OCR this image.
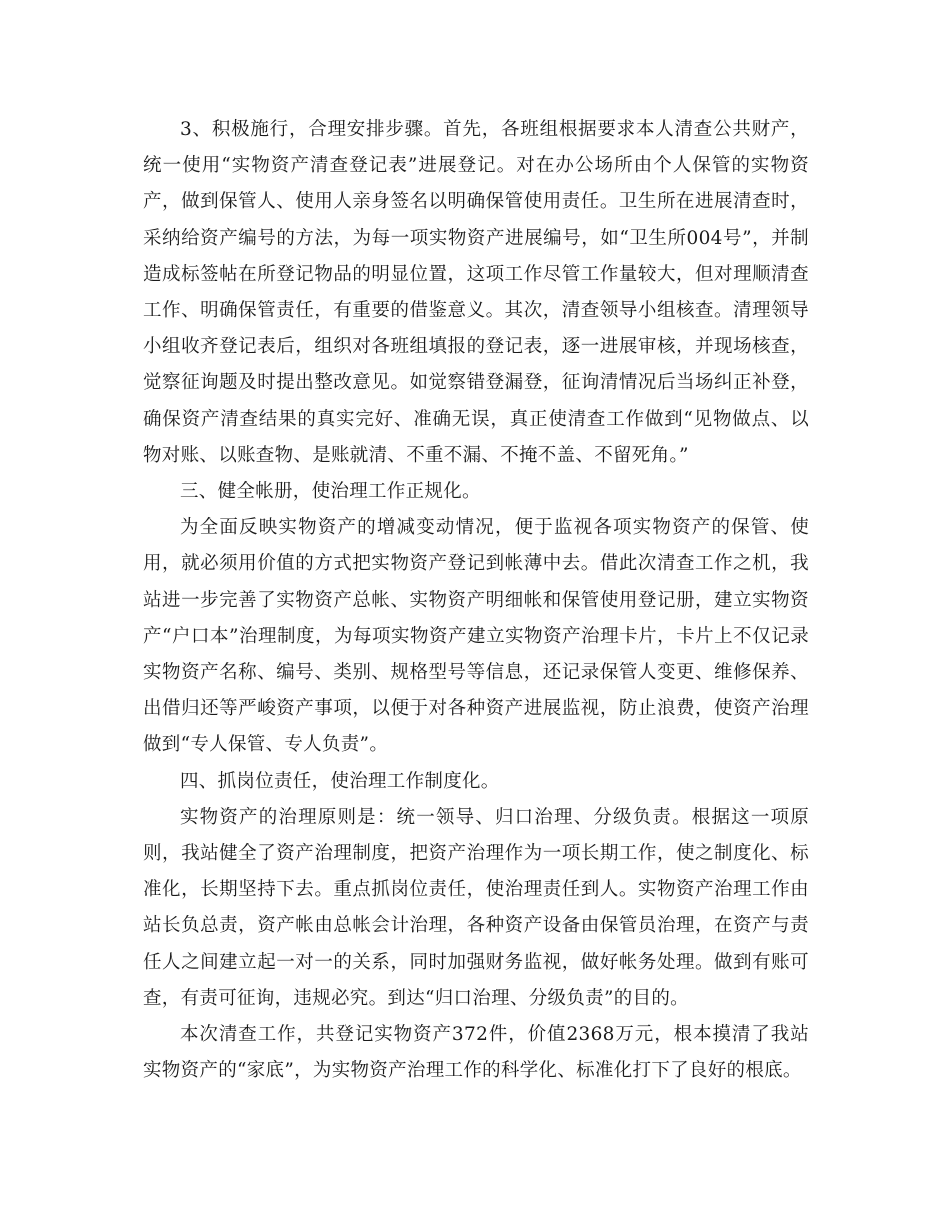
3、积极施行，合理安排步骤。首先，各班组根据要求本人清查公共财产，统一使用“实物资产清查登记表”进展登记。对在办公场所由个人保管的实物资产，做到保管人、使用人亲身签名以明确保管使用责任。卫生所在进展清查时，采纳给资产编号的方法，为每一项实物资产进展编号，如“卫生所004号”，并制造成标签帖在所登记物品的明显位置，这项工作尽管工作量较大，但对理顺清查工作、明确保管责任，有重要的借鉴意义。其次，清查领导小组核查。清理领导小组收齐登记表后，组织对各班组填报的登记表，逐一进展审核，并现场核查，觉察征询题及时提出整改意见。如觉察错登漏登，征询清情况后当场纠正补登，确保资产清查结果的真实完好、准确无误，真正使清查工作做到“见物做点、以物对账、以账查物、是账就清、不重不漏、不掩不盖、不留死角。”

三、健全帐册，使治理工作正规化。

为全面反映实物资产的增减变动情况，便于监视各项实物资产的保管、使用，就必须用价值的方式把实物资产登记到帐薄中去。借此次清查工作之机，我站进一步完善了实物资产总帐、实物资产明细帐和保管使用登记册，建立实物资产“户口本”治理制度，为每项实物资产建立实物资产治理卡片，卡片上不仅记录实物资产名称、编号、类别、规格型号等信息，还记录保管人变更、维修保养、出借归还等严峻资产事项，以便于对各种资产进展监视，防止浪费，使资产治理做到“专人保管、专人负责”。

四、抓岗位责任，使治理工作制度化。

实物资产的治理原则是：统一领导、归口治理、分级负责。根据这一项原则，我站健全了资产治理制度，把资产治理作为一项长期工作，使之制度化、标准化，长期坚持下去。重点抓岗位责任，使治理责任到人。实物资产治理工作由站长负总责，资产帐由总帐会计治理，各种资产设备由保管员治理，在资产与责任人之间建立起一对一的关系，同时加强财务监视，做好帐务处理。做到有账可查，有责可征询，违规必究。到达“归口治理、分级负责”的目的。

本次清查工作，共登记实物资产372件，价值2368万元，根本摸清了我站实物资产的“家底”，为实物资产治理工作的科学化、标准化打下了良好的根底。
